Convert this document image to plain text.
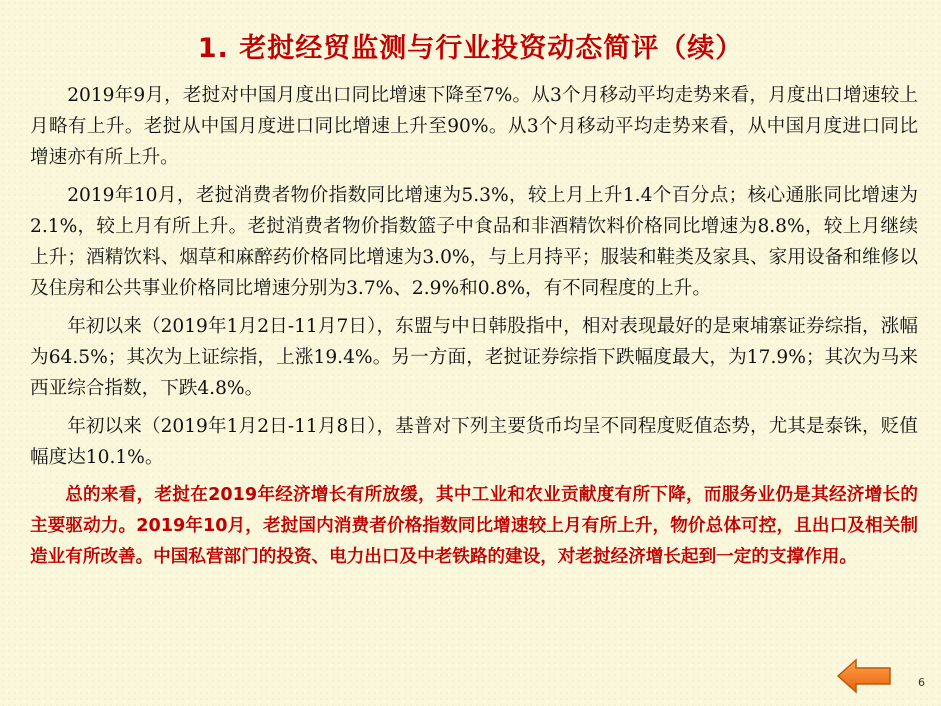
1. 老挝经贸监测与行业投资动态简评（续）

2019年9月，老挝对中国月度出口同比增速下降至7%。从3个月移动平均走势来看，月度出口增速较上月略有上升。老挝从中国月度进口同比增速上升至90%。从3个月移动平均走势来看，从中国月度进口同比增速亦有所上升。

2019年10月，老挝消费者物价指数同比增速为5.3%，较上月上升1.4个百分点；核心通胀同比增速为2.1%，较上月有所上升。老挝消费者物价指数篮子中食品和非酒精饮料价格同比增速为8.8%，较上月继续上升；酒精饮料、烟草和麻醉药价格同比增速为3.0%，与上月持平；服装和鞋类及家具、家用设备和维修以及住房和公共事业价格同比增速分别为3.7%、2.9%和0.8%，有不同程度的上升。

年初以来（2019年1月2日-11月7日），东盟与中日韩股指中，相对表现最好的是柬埔寨证券综指，涨幅为64.5%；其次为上证综指，上涨19.4%。另一方面，老挝证券综指下跌幅度最大，为17.9%；其次为马来西亚综合指数，下跌4.8%。

年初以来（2019年1月2日-11月8日），基普对下列主要货币均呈不同程度贬值态势，尤其是泰铢，贬值幅度达10.1%。

总的来看，老挝在2019年经济增长有所放缓，其中工业和农业贡献度有所下降，而服务业仍是其经济增长的主要驱动力。2019年10月，老挝国内消费者价格指数同比增速较上月有所上升，物价总体可控，且出口及相关制造业有所改善。中国私营部门的投资、电力出口及中老铁路的建设，对老挝经济增长起到一定的支撑作用。

6
